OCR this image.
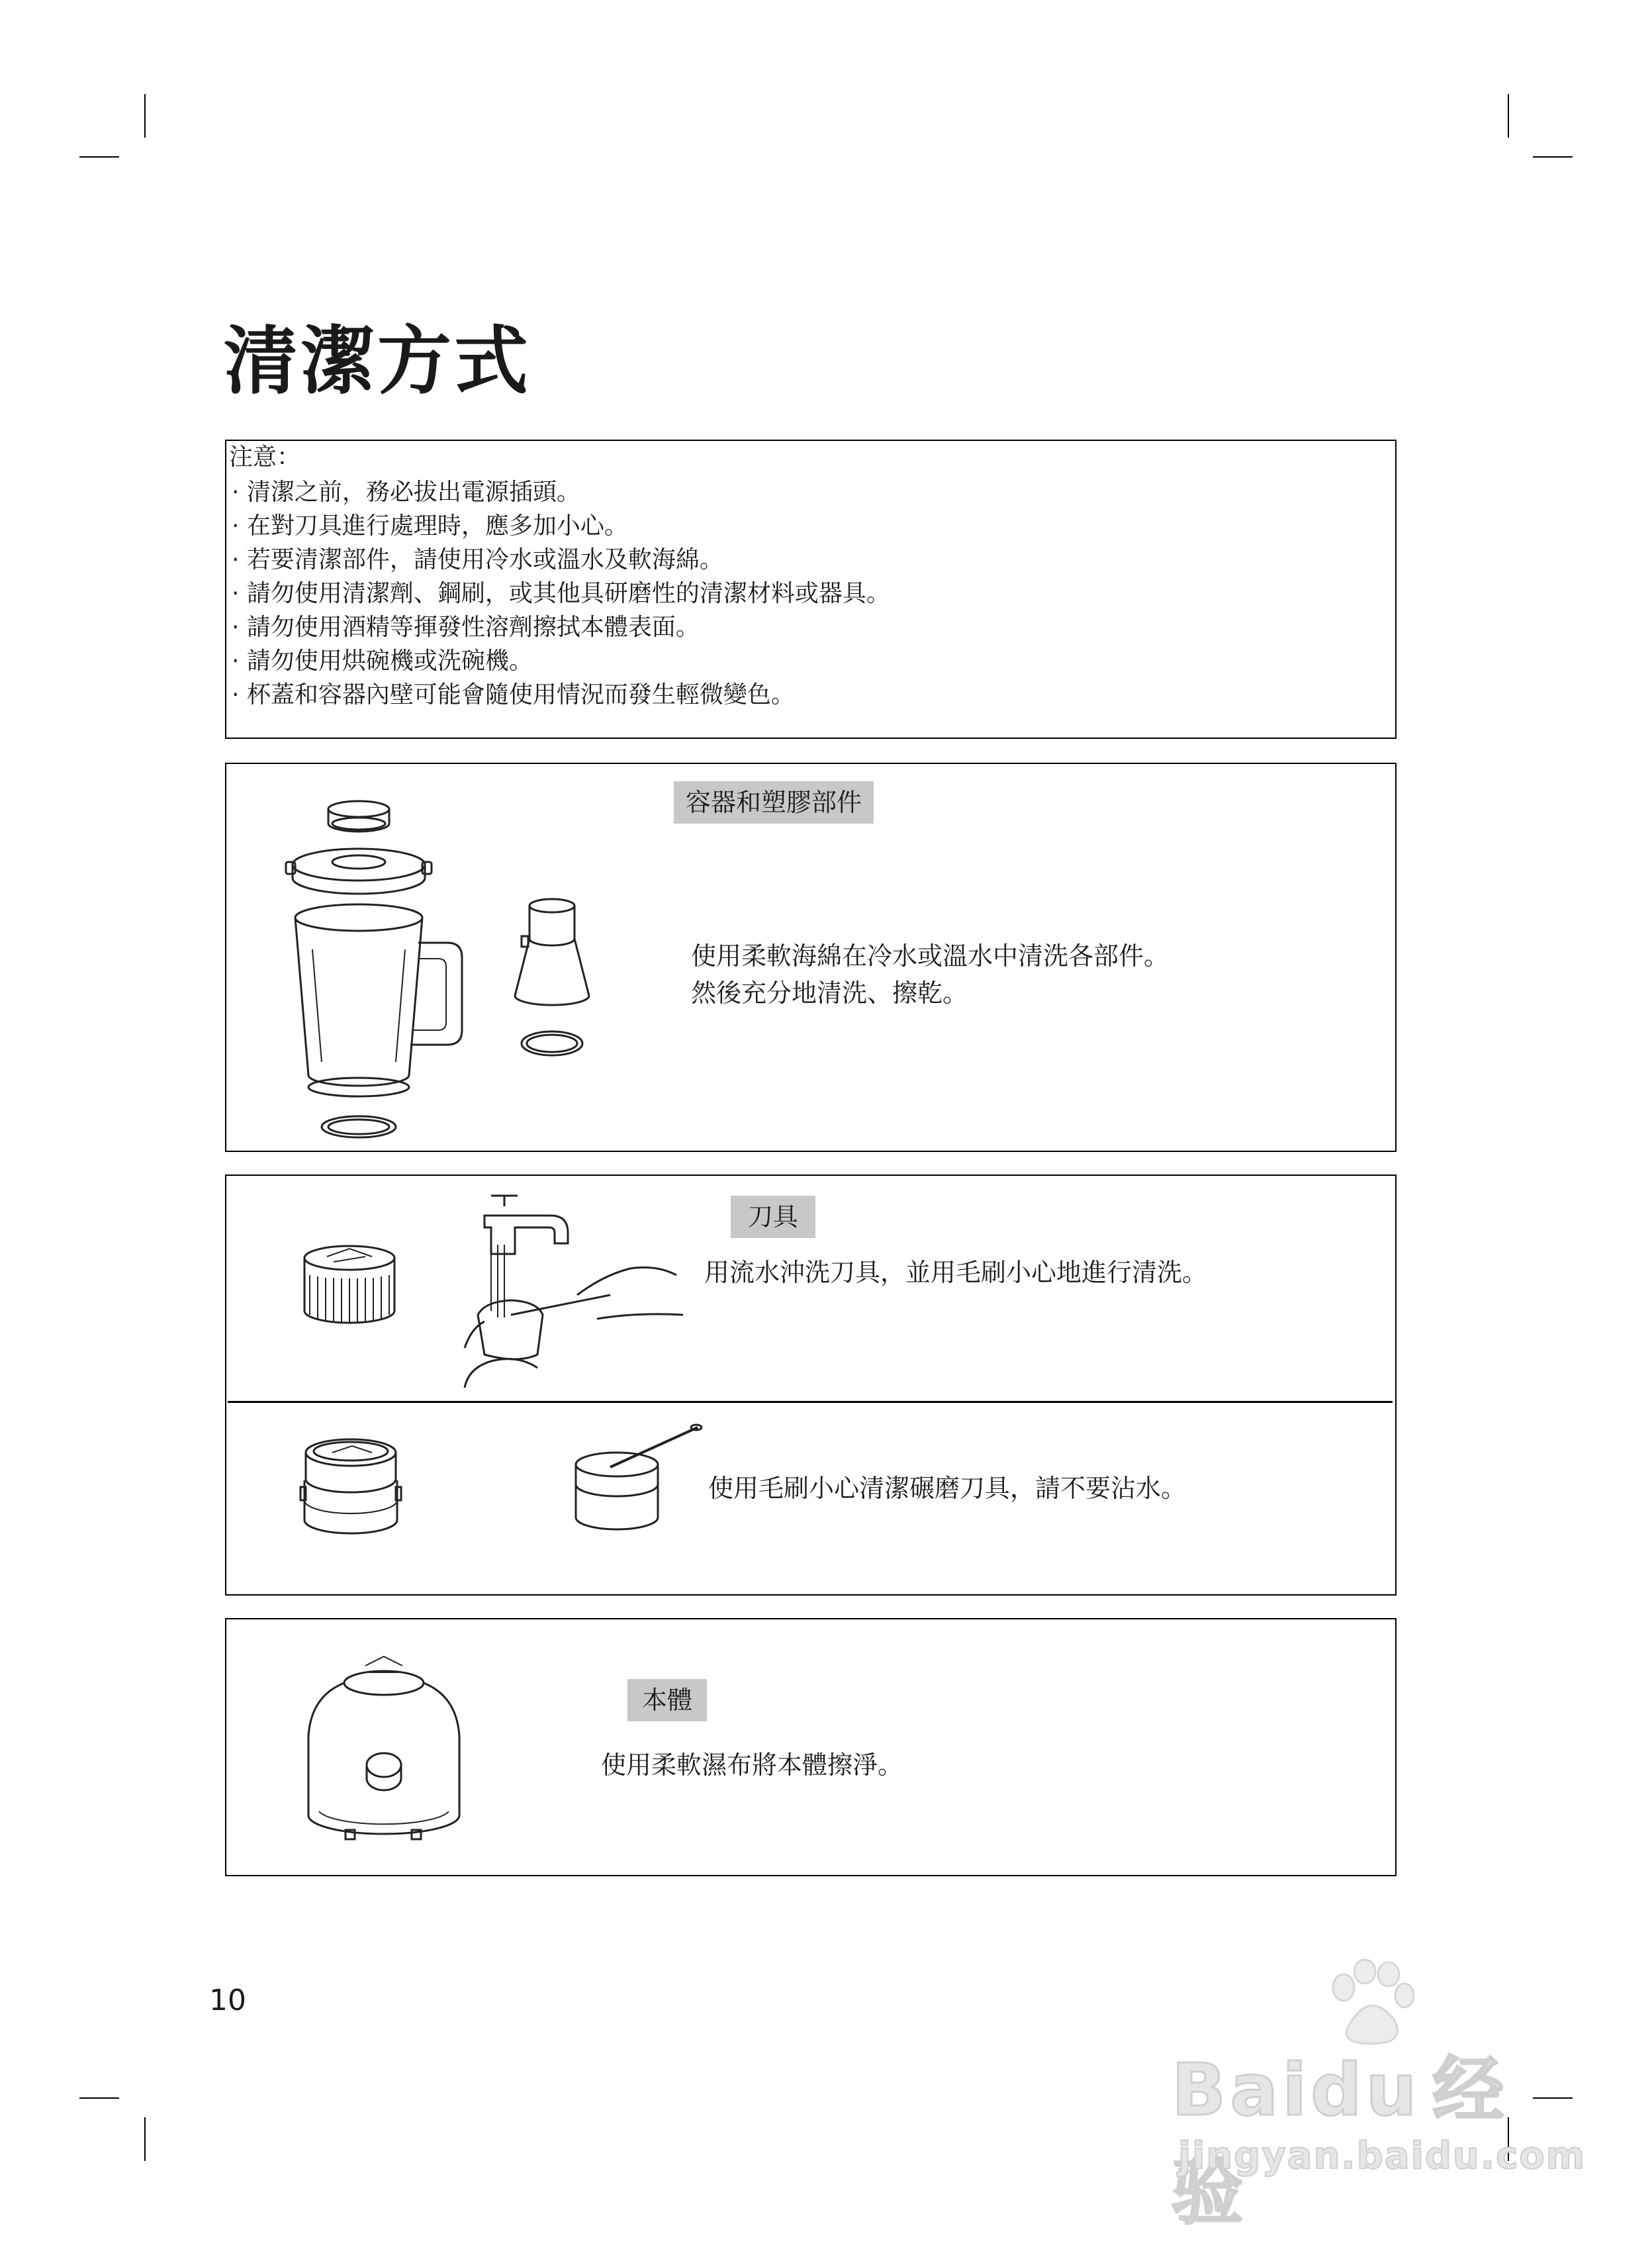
清潔方式
注意：
· 清潔之前，務必拔出電源插頭。
· 在對刀具進行處理時，應多加小心。
· 若要清潔部件，請使用冷水或溫水及軟海綿。
· 請勿使用清潔劑、鋼刷，或其他具研磨性的清潔材料或器具。
· 請勿使用酒精等揮發性溶劑擦拭本體表面。
· 請勿使用烘碗機或洗碗機。
· 杯蓋和容器內壁可能會隨使用情況而發生輕微變色。
容器和塑膠部件
使用柔軟海綿在冷水或溫水中清洗各部件。
然後充分地清洗、擦乾。
刀具
用流水沖洗刀具，並用毛刷小心地進行清洗。
使用毛刷小心清潔碾磨刀具，請不要沾水。
本體
使用柔軟濕布將本體擦淨。
10
Baidu 经验
jingyan.baidu.com
